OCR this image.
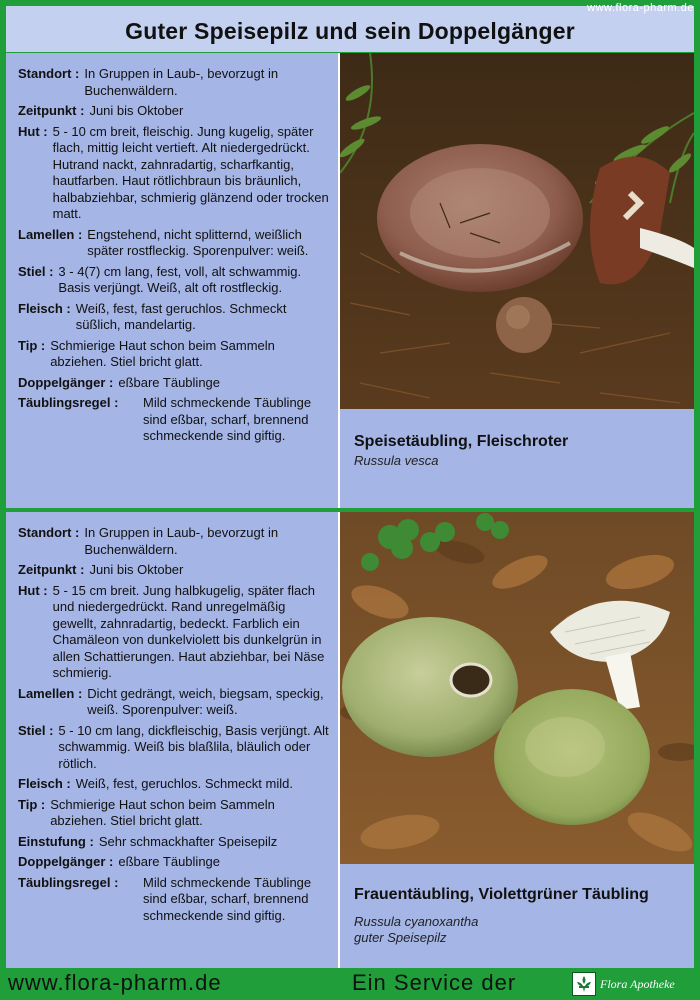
Guter Speisepilz und sein Doppelgänger
www.flora-pharm.de
Standort : In Gruppen in Laub-, bevorzugt in Buchenwäldern.
Zeitpunkt : Juni bis Oktober
Hut : 5 - 10 cm breit, fleischig. Jung kugelig, später flach, mittig leicht vertieft. Alt niedergedrückt. Hutrand nackt, zahnradartig, scharfkantig, hautfarben. Haut rötlichbraun bis bräunlich, halbabziehbar, schmierig glänzend oder trocken matt.
Lamellen : Engstehend, nicht splitternd, weißlich später rostfleckig. Sporenpulver: weiß.
Stiel : 3 - 4(7) cm lang, fest, voll, alt schwammig. Basis verjüngt. Weiß, alt oft rostfleckig.
Fleisch : Weiß, fest, fast geruchlos. Schmeckt süßlich, mandelartig.
Tip : Schmierige Haut schon beim Sammeln abziehen. Stiel bricht glatt.
Doppelgänger : eßbare Täublinge
Täublingsregel :	Mild schmeckende Täublinge sind eßbar, scharf, brennend schmeckende sind giftig.	Speisetäubling, Fleischroter
Russula vesca
Standort : In Gruppen in Laub-, bevorzugt in Buchenwäldern.
Zeitpunkt : Juni bis Oktober
Hut : 5 - 15 cm breit. Jung halbkugelig, später flach und niedergedrückt. Rand unregelmäßig gewellt, zahnradartig, bedeckt. Farblich ein Chamäleon von dunkelviolett bis dunkelgrün in allen Schattierungen. Haut abziehbar, bei Näse schmierig.
Lamellen : Dicht gedrängt, weich, biegsam, speckig, weiß. Sporenpulver: weiß.
Stiel : 5 - 10 cm lang, dickfleischig, Basis verjüngt. Alt schwammig. Weiß bis blaßlila, bläulich oder rötlich.
Fleisch : Weiß, fest, geruchlos. Schmeckt mild.
Tip : Schmierige Haut schon beim Sammeln abziehen. Stiel bricht glatt.
Einstufung : Sehr schmackhafter Speisepilz
Doppelgänger : eßbare Täublinge
Täublingsregel :	Mild schmeckende Täublinge sind eßbar, scharf, brennend schmeckende sind giftig.
Frauentäubling, Violettgrüner Täubling
Russula cyanoxantha
guter Speisepilz
www.flora-pharm.de	Ein Service der	Flora Apotheke
